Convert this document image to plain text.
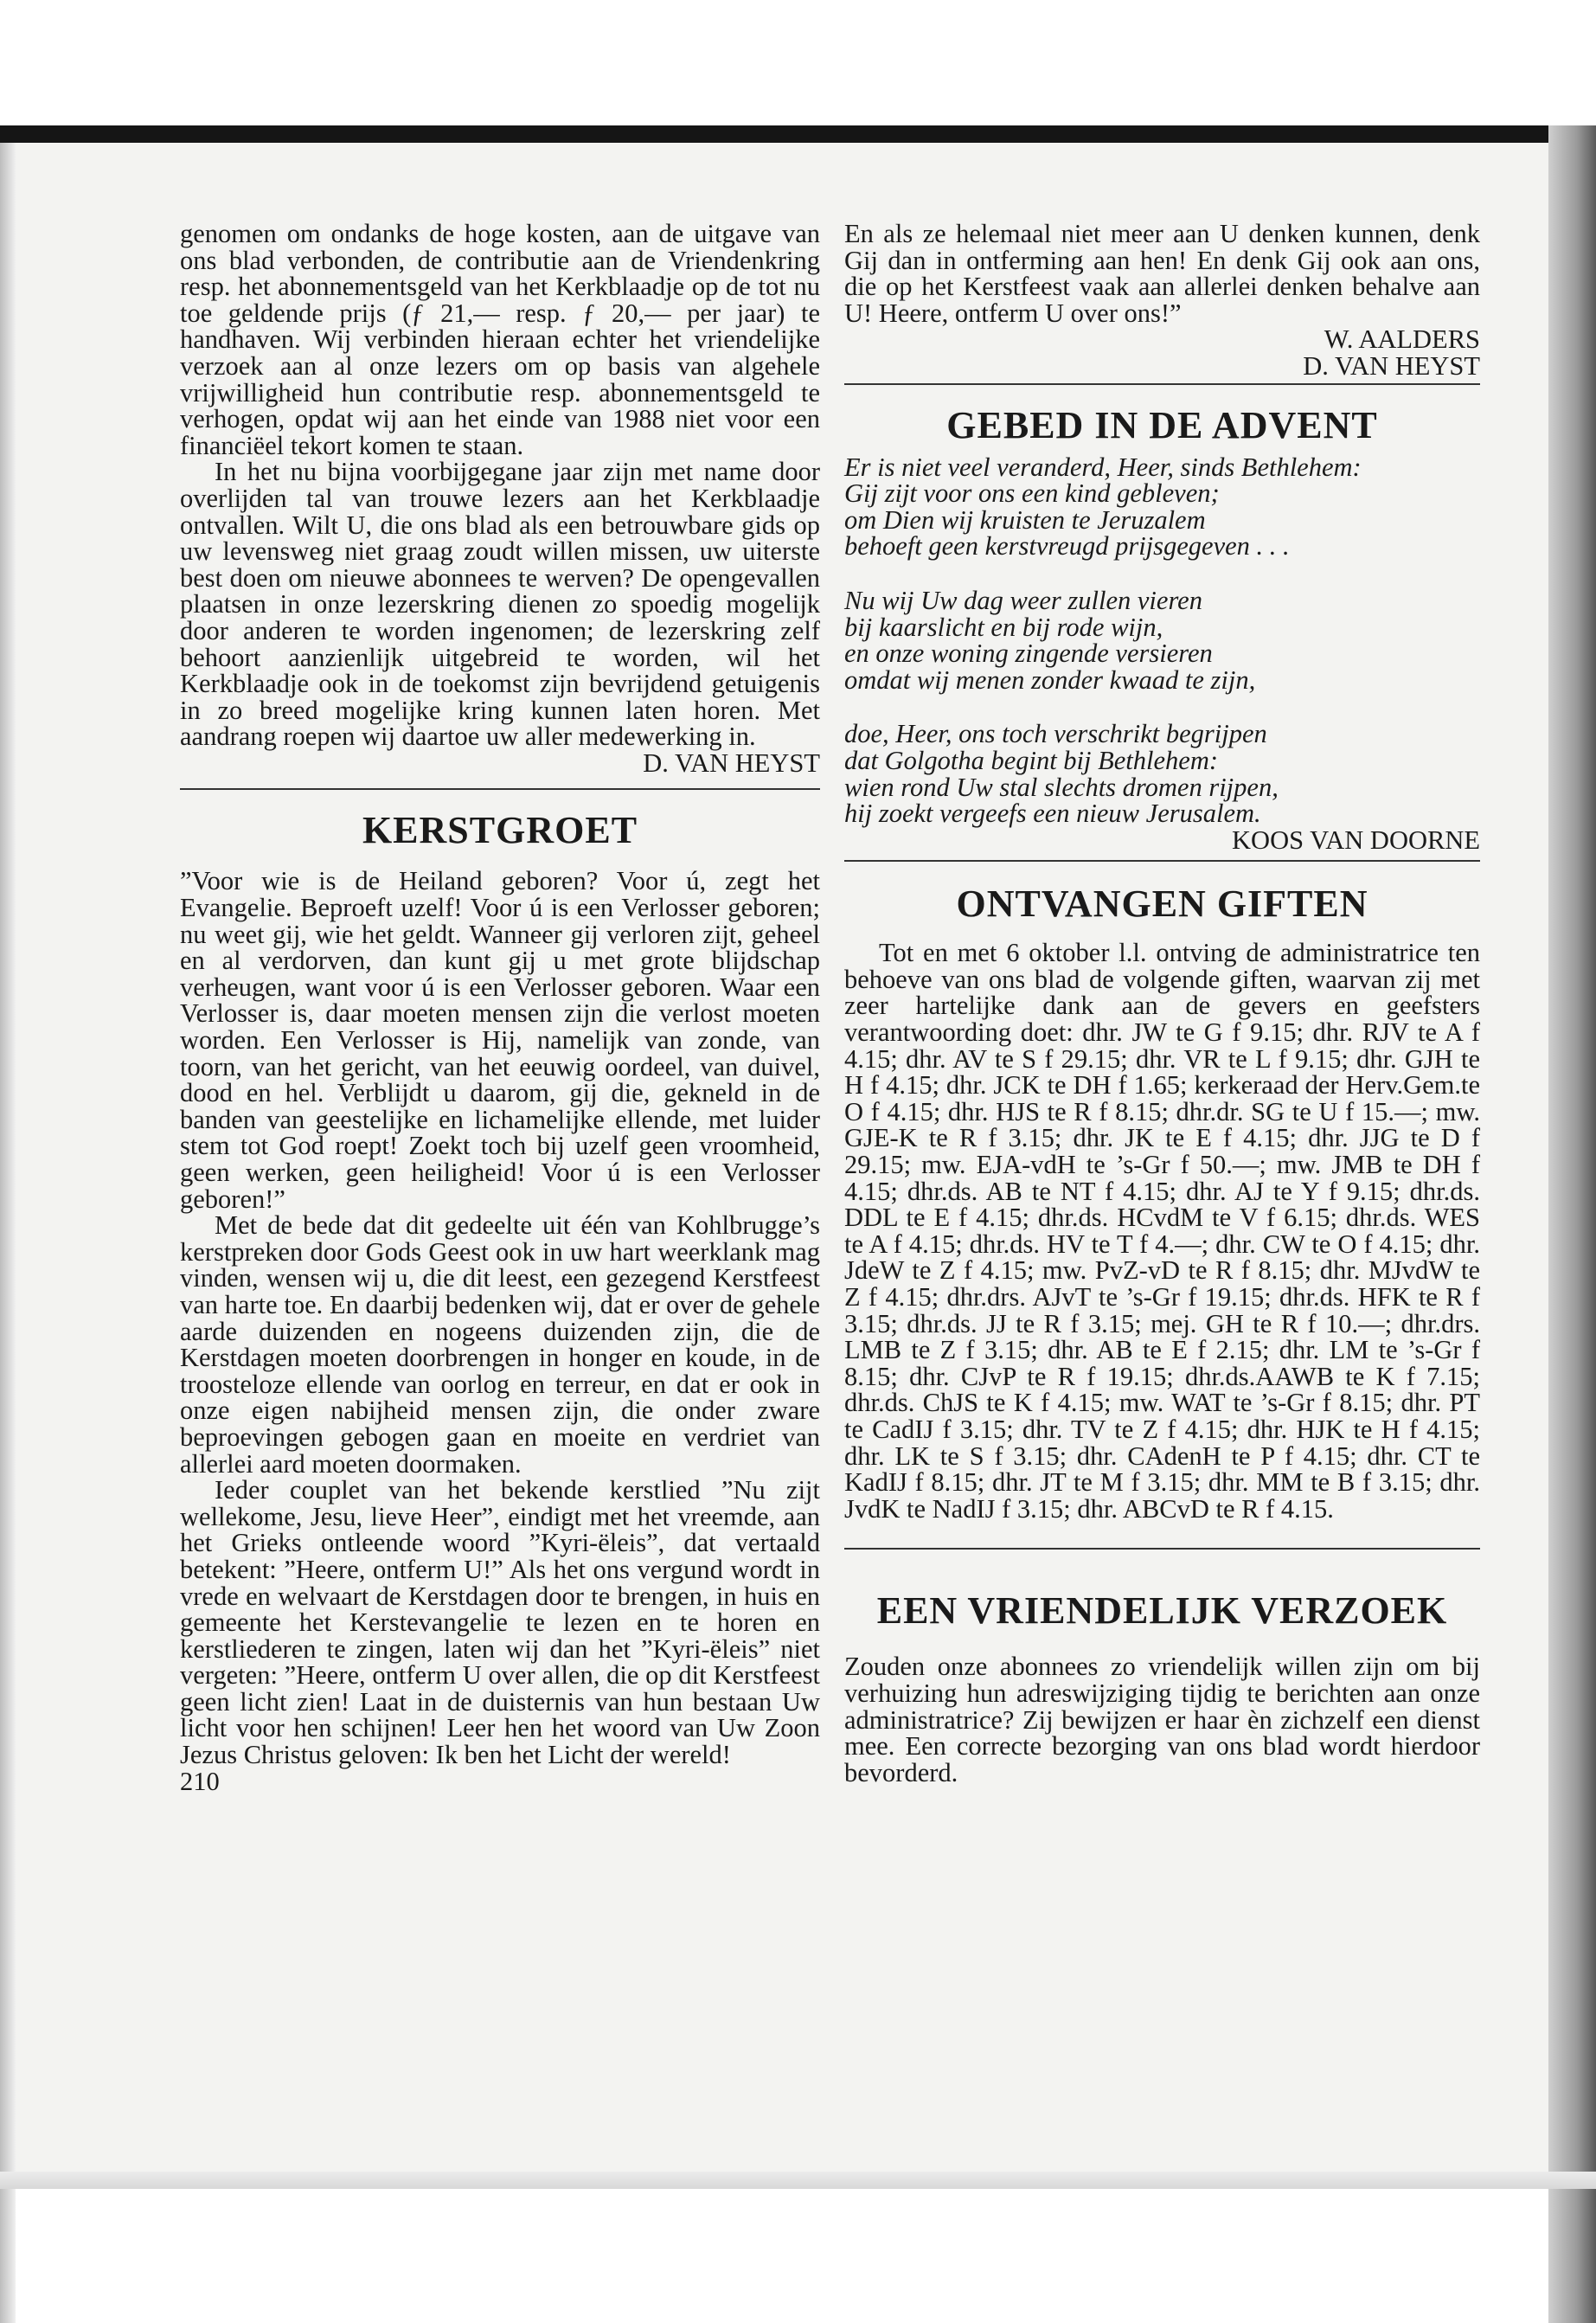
genomen om ondanks de hoge kosten, aan de uitgave van ons blad verbonden, de contributie aan de Vriendenkring resp. het abonnementsgeld van het Kerkblaadje op de tot nu toe geldende prijs (ƒ 21,— resp. ƒ 20,— per jaar) te handhaven. Wij verbinden hieraan echter het vriendelijke verzoek aan al onze lezers om op basis van algehele vrijwilligheid hun contributie resp. abonnementsgeld te verhogen, opdat wij aan het einde van 1988 niet voor een financiëel tekort komen te staan.

In het nu bijna voorbijgegane jaar zijn met name door overlijden tal van trouwe lezers aan het Kerkblaadje ontvallen. Wilt U, die ons blad als een betrouwbare gids op uw levensweg niet graag zoudt willen missen, uw uiterste best doen om nieuwe abonnees te werven? De opengevallen plaatsen in onze lezerskring dienen zo spoedig mogelijk door anderen te worden ingenomen; de lezerskring zelf behoort aanzienlijk uitgebreid te worden, wil het Kerkblaadje ook in de toekomst zijn bevrijdend getuigenis in zo breed mogelijke kring kunnen laten horen. Met aandrang roepen wij daartoe uw aller medewerking in.

D. VAN HEYST

KERSTGROET

”Voor wie is de Heiland geboren? Voor ú, zegt het Evangelie. Beproeft uzelf! Voor ú is een Verlosser geboren; nu weet gij, wie het geldt. Wanneer gij verloren zijt, geheel en al verdorven, dan kunt gij u met grote blijdschap verheugen, want voor ú is een Verlosser geboren. Waar een Verlosser is, daar moeten mensen zijn die verlost moeten worden. Een Verlosser is Hij, namelijk van zonde, van toorn, van het gericht, van het eeuwig oordeel, van duivel, dood en hel. Verblijdt u daarom, gij die, gekneld in de banden van geestelijke en lichamelijke ellende, met luider stem tot God roept! Zoekt toch bij uzelf geen vroomheid, geen werken, geen heiligheid! Voor ú is een Verlosser geboren!”

Met de bede dat dit gedeelte uit één van Kohlbrugge’s kerstpreken door Gods Geest ook in uw hart weerklank mag vinden, wensen wij u, die dit leest, een gezegend Kerstfeest van harte toe. En daarbij bedenken wij, dat er over de gehele aarde duizenden en nogeens duizenden zijn, die de Kerstdagen moeten doorbrengen in honger en koude, in de troosteloze ellende van oorlog en terreur, en dat er ook in onze eigen nabijheid mensen zijn, die onder zware beproevingen gebogen gaan en moeite en verdriet van allerlei aard moeten doormaken.

Ieder couplet van het bekende kerstlied ”Nu zijt wellekome, Jesu, lieve Heer”, eindigt met het vreemde, aan het Grieks ontleende woord ”Kyri-ëleis”, dat vertaald betekent: ”Heere, ontferm U!” Als het ons vergund wordt in vrede en welvaart de Kerstdagen door te brengen, in huis en gemeente het Kerstevangelie te lezen en te horen en kerstliederen te zingen, laten wij dan het ”Kyri-ëleis” niet vergeten: ”Heere, ontferm U over allen, die op dit Kerstfeest geen licht zien! Laat in de duisternis van hun bestaan Uw licht voor hen schijnen! Leer hen het woord van Uw Zoon Jezus Christus geloven: Ik ben het Licht der wereld!

210

En als ze helemaal niet meer aan U denken kunnen, denk Gij dan in ontferming aan hen! En denk Gij ook aan ons, die op het Kerstfeest vaak aan allerlei denken behalve aan U! Heere, ontferm U over ons!”

W. AALDERS

D. VAN HEYST

GEBED IN DE ADVENT
Er is niet veel veranderd, Heer, sinds Bethlehem:
Gij zijt voor ons een kind gebleven;
om Dien wij kruisten te Jeruzalem
behoeft geen kerstvreugd prijsgegeven . . .
Nu wij Uw dag weer zullen vieren
bij kaarslicht en bij rode wijn,
en onze woning zingende versieren
omdat wij menen zonder kwaad te zijn,
doe, Heer, ons toch verschrikt begrijpen
dat Golgotha begint bij Bethlehem:
wien rond Uw stal slechts dromen rijpen,
hij zoekt vergeefs een nieuw Jerusalem.

KOOS VAN DOORNE

ONTVANGEN GIFTEN

Tot en met 6 oktober l.l. ontving de administratrice ten behoeve van ons blad de volgende giften, waarvan zij met zeer hartelijke dank aan de gevers en geefsters verantwoording doet: dhr. JW te G f 9.15; dhr. RJV te A f 4.15; dhr. AV te S f 29.15; dhr. VR te L f 9.15; dhr. GJH te H f 4.15; dhr. JCK te DH f 1.65; kerkeraad der Herv.Gem.te O f 4.15; dhr. HJS te R f 8.15; dhr.dr. SG te U f 15.—; mw. GJE-K te R f 3.15; dhr. JK te E f 4.15; dhr. JJG te D f 29.15; mw. EJA-vdH te ’s-Gr f 50.—; mw. JMB te DH f 4.15; dhr.ds. AB te NT f 4.15; dhr. AJ te Y f 9.15; dhr.ds. DDL te E f 4.15; dhr.ds. HCvdM te V f 6.15; dhr.ds. WES te A f 4.15; dhr.ds. HV te T f 4.—; dhr. CW te O f 4.15; dhr. JdeW te Z f 4.15; mw. PvZ-vD te R f 8.15; dhr. MJvdW te Z f 4.15; dhr.drs. AJvT te ’s-Gr f 19.15; dhr.ds. HFK te R f 3.15; dhr.ds. JJ te R f 3.15; mej. GH te R f 10.—; dhr.drs. LMB te Z f 3.15; dhr. AB te E f 2.15; dhr. LM te ’s-Gr f 8.15; dhr. CJvP te R f 19.15; dhr.ds.AAWB te K f 7.15; dhr.ds. ChJS te K f 4.15; mw. WAT te ’s-Gr f 8.15; dhr. PT te CadIJ f 3.15; dhr. TV te Z f 4.15; dhr. HJK te H f 4.15; dhr. LK te S f 3.15; dhr. CAdenH te P f 4.15; dhr. CT te KadIJ f 8.15; dhr. JT te M f 3.15; dhr. MM te B f 3.15; dhr. JvdK te NadIJ f 3.15; dhr. ABCvD te R f 4.15.

EEN VRIENDELIJK VERZOEK

Zouden onze abonnees zo vriendelijk willen zijn om bij verhuizing hun adreswijziging tijdig te berichten aan onze administratrice? Zij bewijzen er haar èn zichzelf een dienst mee. Een correcte bezorging van ons blad wordt hierdoor bevorderd.
